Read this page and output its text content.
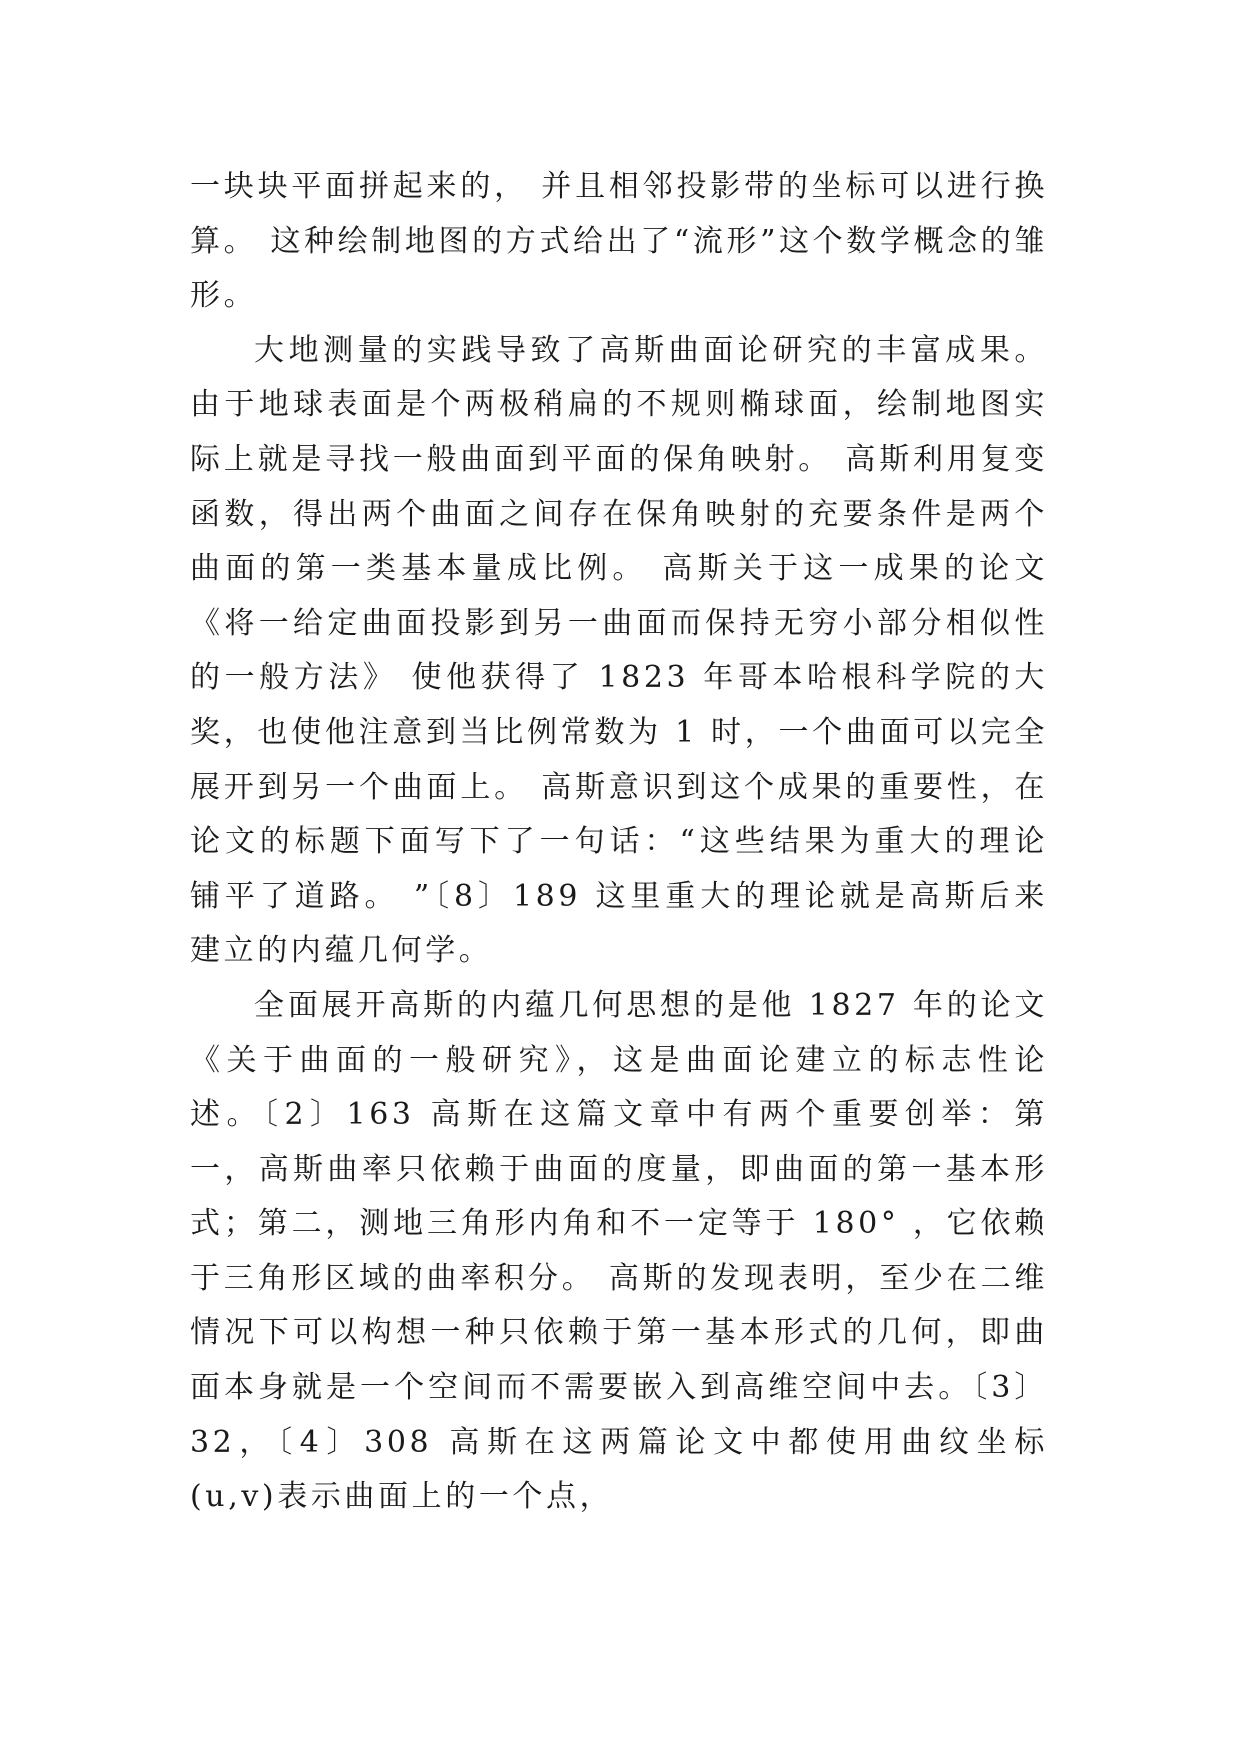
一块块平面拼起来的， 并且相邻投影带的坐标可以进行换算。 这种绘制地图的方式给出了“流形”这个数学概念的雏形。

大地测量的实践导致了高斯曲面论研究的丰富成果。由于地球表面是个两极稍扁的不规则椭球面，绘制地图实际上就是寻找一般曲面到平面的保角映射。 高斯利用复变函数，得出两个曲面之间存在保角映射的充要条件是两个曲面的第一类基本量成比例。 高斯关于这一成果的论文《将一给定曲面投影到另一曲面而保持无穷小部分相似性的一般方法》 使他获得了 1823 年哥本哈根科学院的大奖，也使他注意到当比例常数为 1 时，一个曲面可以完全展开到另一个曲面上。 高斯意识到这个成果的重要性，在论文的标题下面写下了一句话：“这些结果为重大的理论铺平了道路。 ”〔8〕189 这里重大的理论就是高斯后来建立的内蕴几何学。

全面展开高斯的内蕴几何思想的是他 1827 年的论文《关于曲面的一般研究》，这是曲面论建立的标志性论述。〔2〕163 高斯在这篇文章中有两个重要创举：第一，高斯曲率只依赖于曲面的度量，即曲面的第一基本形式；第二，测地三角形内角和不一定等于 180° ，它依赖于三角形区域的曲率积分。 高斯的发现表明，至少在二维情况下可以构想一种只依赖于第一基本形式的几何，即曲面本身就是一个空间而不需要嵌入到高维空间中去。〔3〕32，〔4〕308 高斯在这两篇论文中都使用曲纹坐标(u,v)表示曲面上的一个点，
